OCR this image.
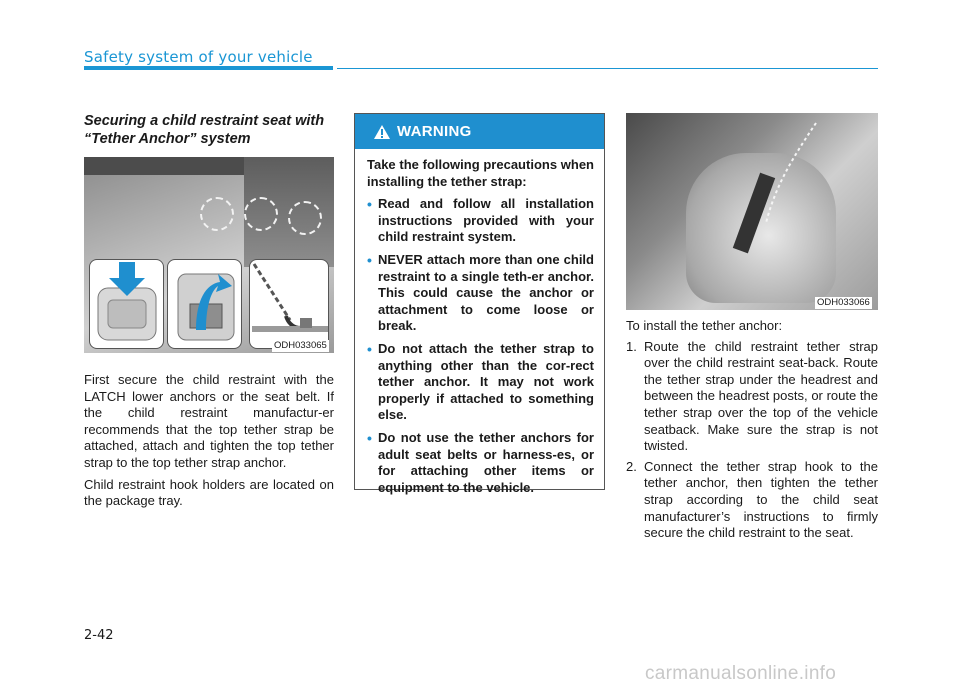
Safety system of your vehicle
Securing a child restraint seat with “Tether Anchor” system
ODH033065

First secure the child restraint with the LATCH lower anchors or the seat belt. If the child restraint manufactur-er recommends that the top tether strap be attached, attach and tighten the top tether strap to the top tether strap anchor.

Child restraint hook holders are located on the package tray.

WARNING
Take the following precautions when installing the tether strap:
• Read and follow all installation instructions provided with your child restraint system.
• NEVER attach more than one child restraint to a single teth-er anchor. This could cause the anchor or attachment to come loose or break.
• Do not attach the tether strap to anything other than the cor-rect tether anchor. It may not work properly if attached to something else.
• Do not use the tether anchors for adult seat belts or harness-es, or for attaching other items or equipment to the vehicle.
ODH033066
To install the tether anchor:
1. Route the child restraint tether strap over the child restraint seat-back. Route the tether strap under the headrest and between the headrest posts, or route the tether strap over the top of the vehicle seatback. Make sure the strap is not twisted.
2. Connect the tether strap hook to the tether anchor, then tighten the tether strap according to the child seat manufacturer’s instructions to firmly secure the child restraint to the seat.
2-42
carmanualsonline.info
